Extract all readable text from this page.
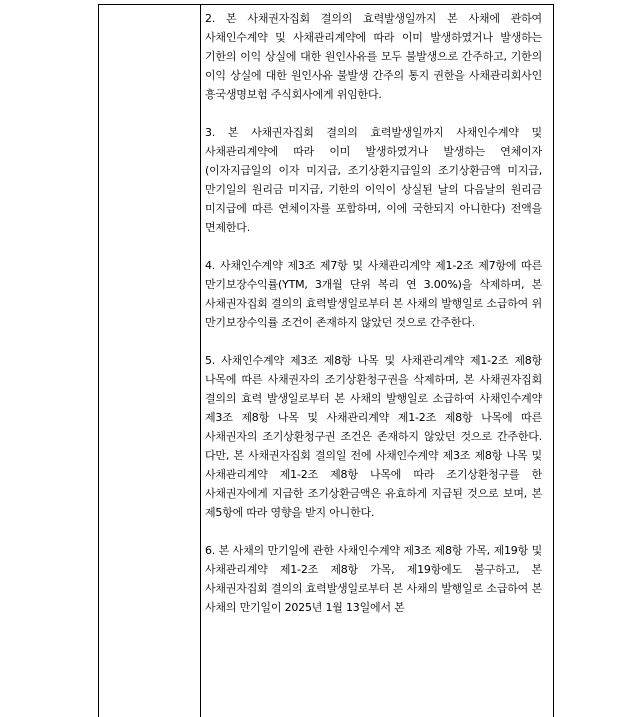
2. 본 사채권자집회 결의의 효력발생일까지 본 사채에 관하여 사채인수계약 및 사채관리계약에 따라 이미 발생하였거나 발생하는 기한의 이익 상실에 대한 원인사유를 모두 불발생으로 간주하고, 기한의 이익 상실에 대한 원인사유 불발생 간주의 통지 권한을 사채관리회사인 흥국생명보험 주식회사에게 위임한다.

3. 본 사채권자집회 결의의 효력발생일까지 사채인수계약 및 사채관리계약에 따라 이미 발생하였거나 발생하는 연체이자(이자지급일의 이자 미지급, 조기상환지급일의 조기상환금액 미지급, 만기일의 원리금 미지급, 기한의 이익이 상실된 날의 다음날의 원리금 미지급에 따른 연체이자를 포함하며, 이에 국한되지 아니한다) 전액을 면제한다.

4. 사채인수계약 제3조 제7항 및 사채관리계약 제1-2조 제7항에 따른 만기보장수익률(YTM, 3개월 단위 복리 연 3.00%)을 삭제하며, 본 사채권자집회 결의의 효력발생일로부터 본 사채의 발행일로 소급하여 위 만기보장수익률 조건이 존재하지 않았던 것으로 간주한다.

5. 사채인수계약 제3조 제8항 나목 및 사채관리계약 제1-2조 제8항 나목에 따른 사채권자의 조기상환청구권을 삭제하며, 본 사채권자집회 결의의 효력 발생일로부터 본 사채의 발행일로 소급하여 사채인수계약 제3조 제8항 나목 및 사채관리계약 제1-2조 제8항 나목에 따른 사채권자의 조기상환청구권 조건은 존재하지 않았던 것으로 간주한다. 다만, 본 사채권자집회 결의일 전에 사채인수계약 제3조 제8항 나목 및 사채관리계약 제1-2조 제8항 나목에 따라 조기상환청구를 한 사채권자에게 지급한 조기상환금액은 유효하게 지급된 것으로 보며, 본 제5항에 따라 영향을 받지 아니한다.

6. 본 사채의 만기일에 관한 사채인수계약 제3조 제8항 가목, 제19항 및 사채관리계약 제1-2조 제8항 가목, 제19항에도 불구하고, 본 사채권자집회 결의의 효력발생일로부터 본 사채의 발행일로 소급하여 본 사채의 만기일이 2025년 1월 13일에서 본
